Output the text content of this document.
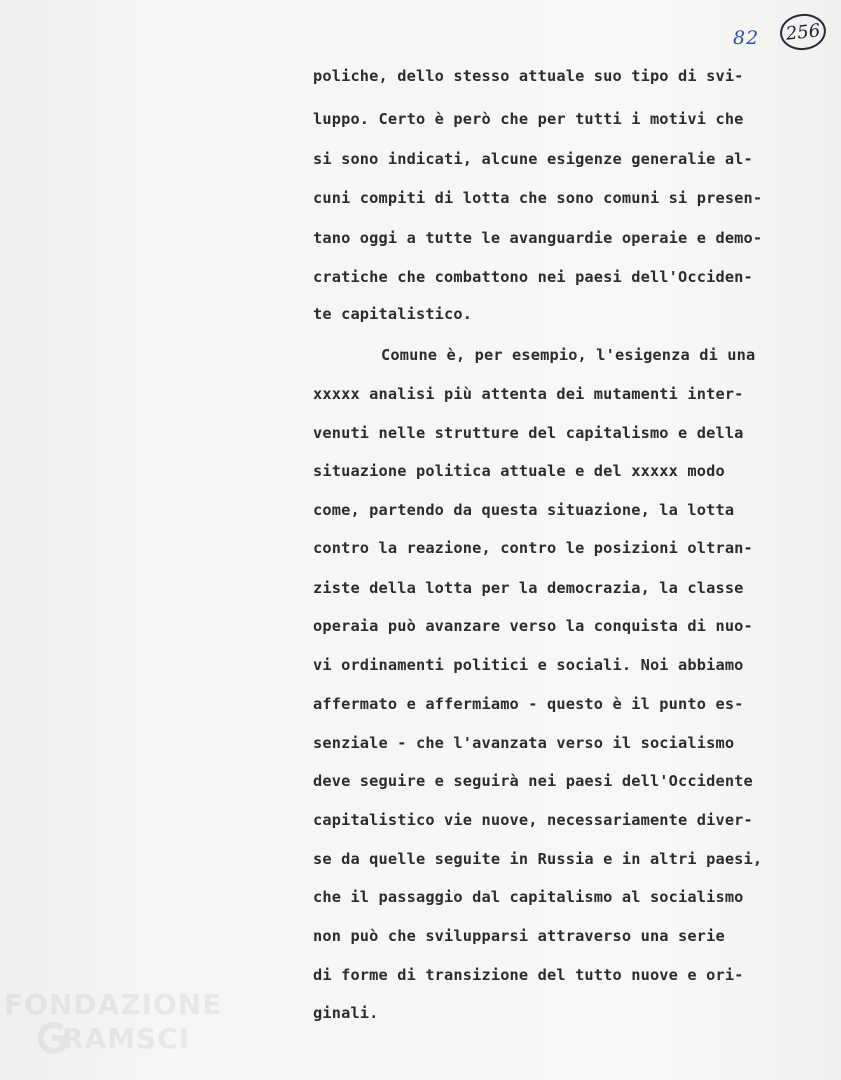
82 256
poliche, dello stesso attuale suo tipo di svi-
luppo. Certo è però che per tutti i motivi che
si sono indicati, alcune esigenze generalie al-
cuni compiti di lotta che sono comuni si presen-
tano oggi a tutte le avanguardie operaie e demo-
cratiche che combattono nei paesi dell'Occiden-
te capitalistico.
Comune è, per esempio, l'esigenza di una
xxxxx analisi più attenta dei mutamenti inter-
venuti nelle strutture del capitalismo e della
situazione politica attuale e del xxxxx modo
come, partendo da questa situazione, la lotta
contro la reazione, contro le posizioni oltran-
ziste della lotta per la democrazia, la classe
operaia può avanzare verso la conquista di nuo-
vi ordinamenti politici e sociali. Noi abbiamo
affermato e affermiamo - questo è il punto es-
senziale - che l'avanzata verso il socialismo
deve seguire e seguirà nei paesi dell'Occidente
capitalistico vie nuove, necessariamente diver-
se da quelle seguite in Russia e in altri paesi,
che il passaggio dal capitalismo al socialismo
non può che svilupparsi attraverso una serie
di forme di transizione del tutto nuove e ori-
ginali.
FONDAZIONE
RAMSCI
